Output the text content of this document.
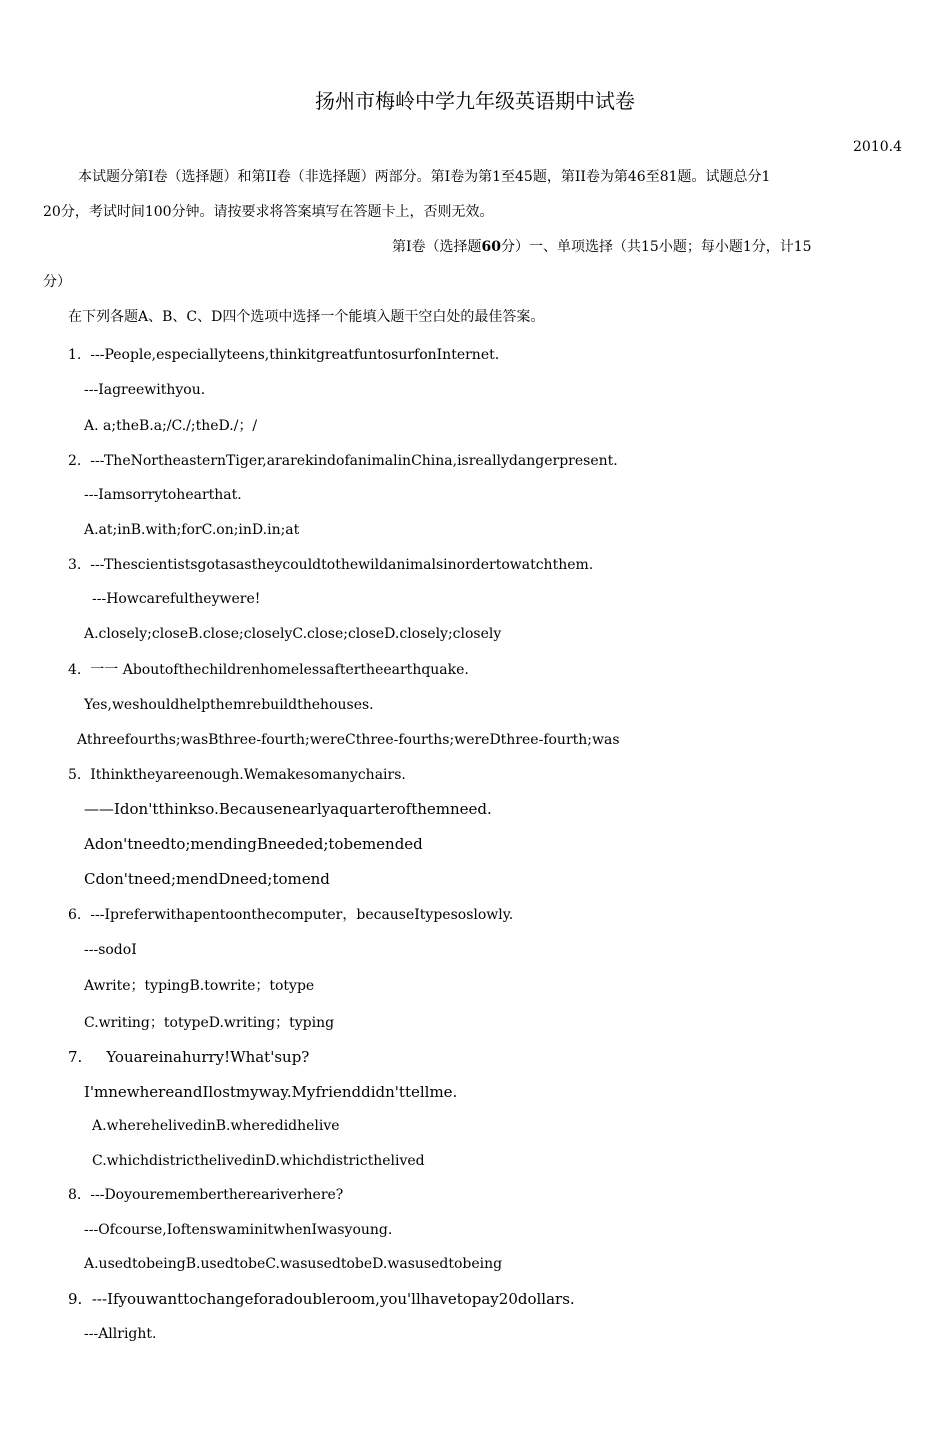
扬州市梅岭中学九年级英语期中试卷
2010.4
本试题分第Ⅰ卷（选择题）和第II卷（非选择题）两部分。第Ⅰ卷为第1至45题，第II卷为第46至81题。试题总分1
20分，考试时间100分钟。请按要求将答案填写在答题卡上，否则无效。
第Ⅰ卷（选择题60分）一、单项选择（共15小题；每小题1分，计15
分）
在下列各题A、B、C、D四个选项中选择一个能填入题干空白处的最佳答案。
1. ---People,especiallyteens,thinkitgreatfuntosurfonInternet.
---Iagreewithyou.
A. a;theB.a;/C./;theD./；/
2. ---TheNortheasternTiger,ararekindofanimalinChina,isreallydangerpresent.
---Iamsorrytohearthat.
A.at;inB.with;forC.on;inD.in;at
3. ---Thescientistsgotasastheycouldtothewildanimalsinordertowatchthem.
---Howcarefultheywere!
A.closely;closeB.close;closelyC.close;closeD.closely;closely
4. 一一 Aboutofthechildrenhomelessaftertheearthquake.
Yes,weshouldhelpthemrebuildthehouses.
Athreefourths;wasBthree-fourth;wereCthree-fourths;wereDthree-fourth;was
5. Ithinktheyareenough.Wemakesomanychairs.
——Idon'tthinkso.Becausenearlyaquarterofthemneed.
Adon'tneedto;mendingBneeded;tobemended
Cdon'tneed;mendDneed;tomend
6. ---Ipreferwithapentoonthecomputer，becauseItypesoslowly.
---sodoI
Awrite；typingB.towrite；totype
C.writing；totypeD.writing；typing
7. Youareinahurry!What'sup?
I'mnewhereandIlostmyway.Myfrienddidn'ttellme.
A.wherehelivedinB.wheredidhelive
C.whichdistricthelivedinD.whichdistricthelived
8. ---Doyourememberthereariverhere?
---Ofcourse,IoftenswaminitwhenIwasyoung.
A.usedtobeingB.usedtobeC.wasusedtobeD.wasusedtobeing
9. ---Ifyouwanttochangeforadoubleroom,you'llhavetopay20dollars.
---Allright.
